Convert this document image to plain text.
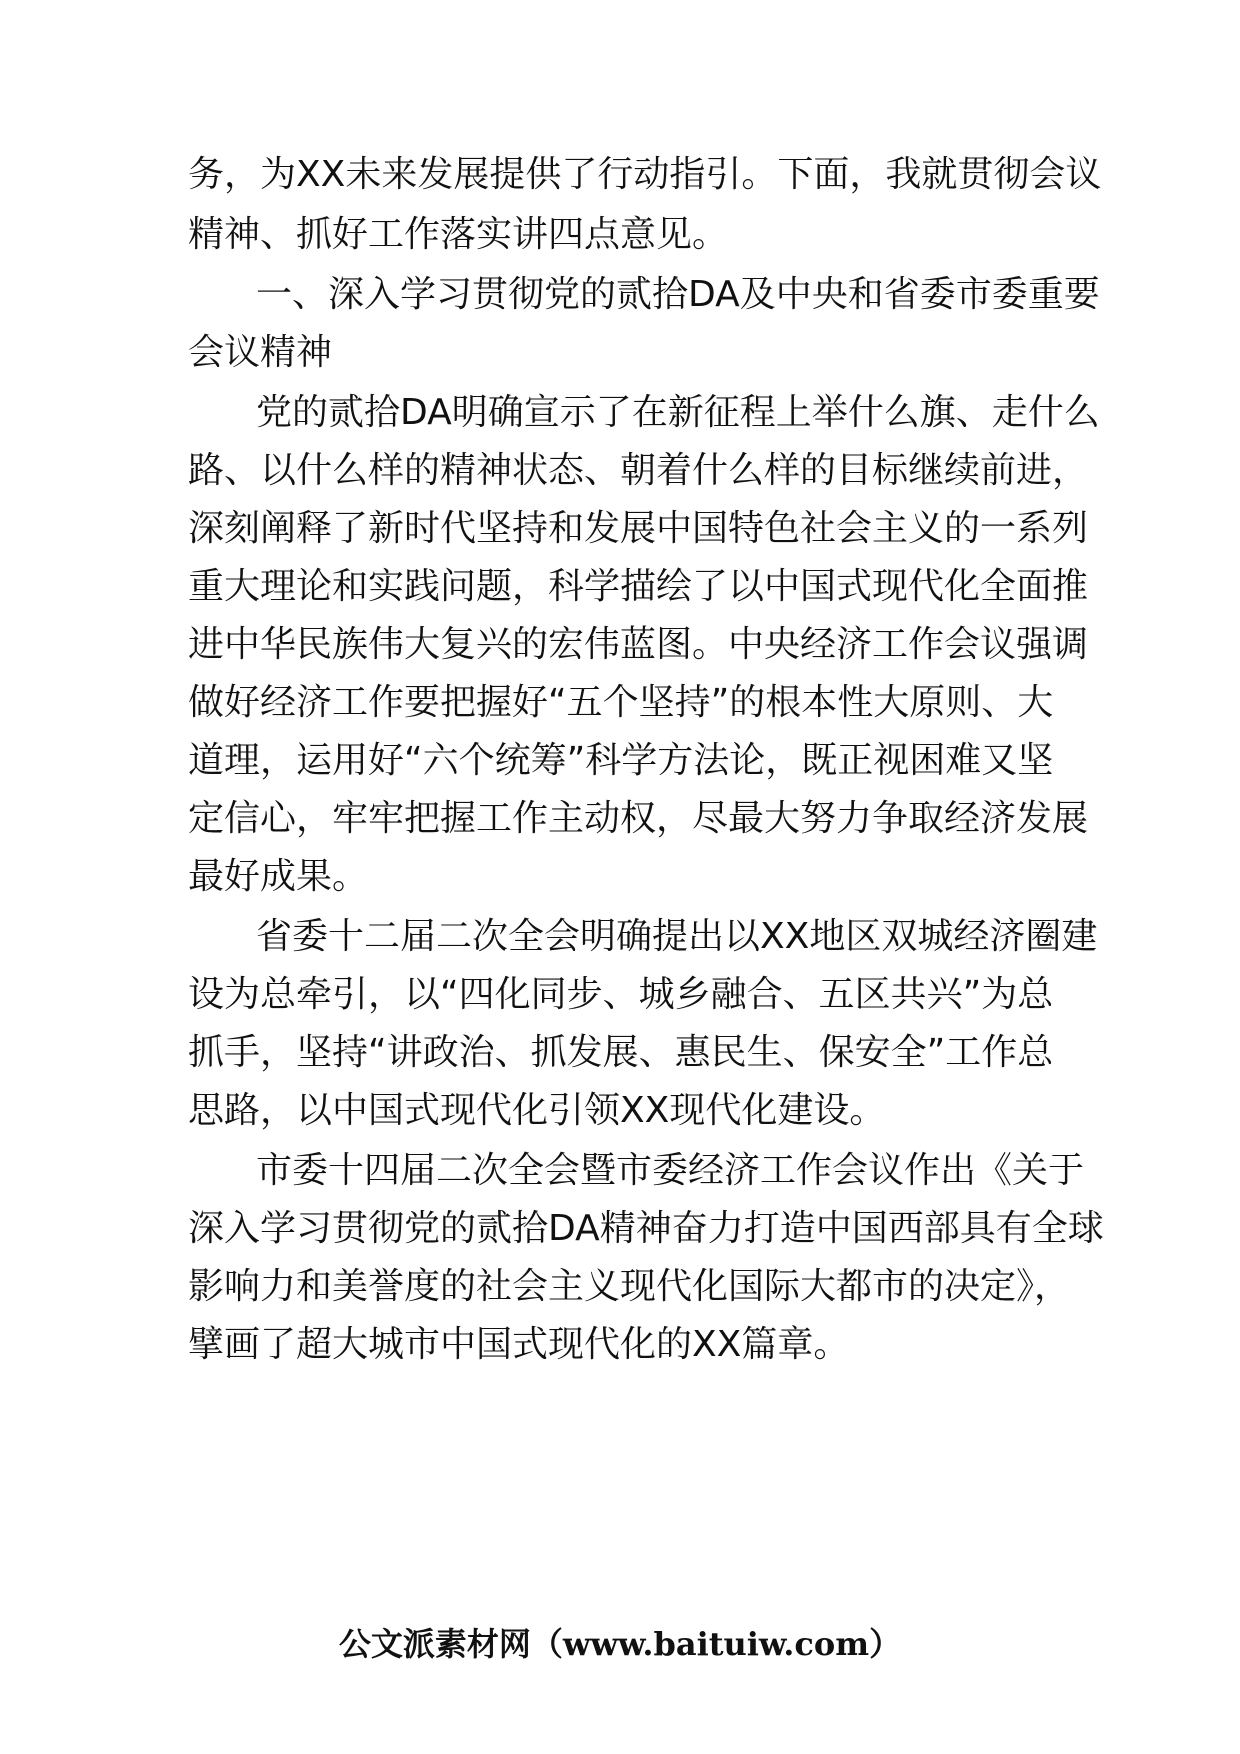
务，为XX未来发展提供了行动指引。下面，我就贯彻会议
精神、抓好工作落实讲四点意见。
一、深入学习贯彻党的贰拾DA及中央和省委市委重要
会议精神
党的贰拾DA明确宣示了在新征程上举什么旗、走什么
路、以什么样的精神状态、朝着什么样的目标继续前进，
深刻阐释了新时代坚持和发展中国特色社会主义的一系列
重大理论和实践问题，科学描绘了以中国式现代化全面推
进中华民族伟大复兴的宏伟蓝图。中央经济工作会议强调
做好经济工作要把握好“五个坚持”的根本性大原则、大
道理，运用好“六个统筹”科学方法论，既正视困难又坚
定信心，牢牢把握工作主动权，尽最大努力争取经济发展
最好成果。
省委十二届二次全会明确提出以XX地区双城经济圈建
设为总牵引，以“四化同步、城乡融合、五区共兴”为总
抓手，坚持“讲政治、抓发展、惠民生、保安全”工作总
思路，以中国式现代化引领XX现代化建设。
市委十四届二次全会暨市委经济工作会议作出《关于
深入学习贯彻党的贰拾DA精神奋力打造中国西部具有全球
影响力和美誉度的社会主义现代化国际大都市的决定》，
擘画了超大城市中国式现代化的XX篇章。
公文派素材网（www.baituiw.com）
